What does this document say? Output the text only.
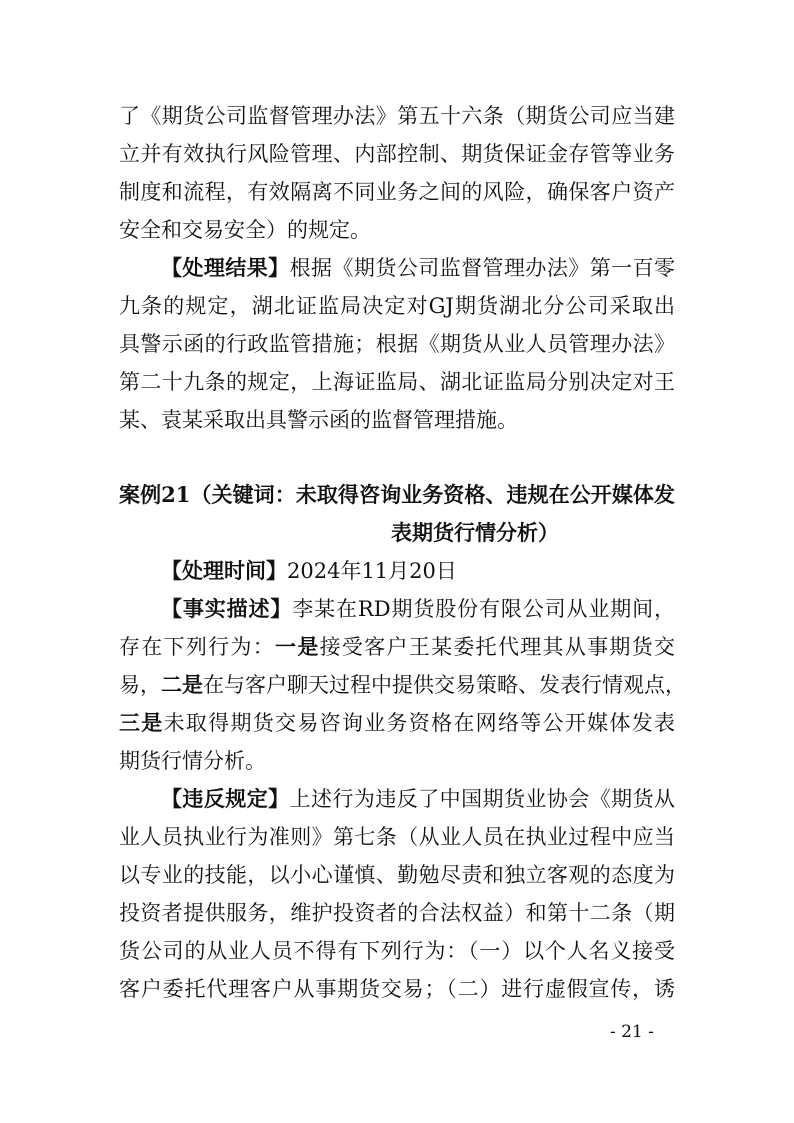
了《期货公司监督管理办法》第五十六条（期货公司应当建
立并有效执行风险管理、内部控制、期货保证金存管等业务
制度和流程，有效隔离不同业务之间的风险，确保客户资产
安全和交易安全）的规定。
【处理结果】根据《期货公司监督管理办法》第一百零
九条的规定，湖北证监局决定对GJ期货湖北分公司采取出
具警示函的行政监管措施；根据《期货从业人员管理办法》
第二十九条的规定，上海证监局、湖北证监局分别决定对王
某、袁某采取出具警示函的监督管理措施。
案例21（关键词：未取得咨询业务资格、违规在公开媒体发
表期货行情分析）
【处理时间】2024年11月20日
【事实描述】李某在RD期货股份有限公司从业期间，
存在下列行为：一是接受客户王某委托代理其从事期货交
易，二是在与客户聊天过程中提供交易策略、发表行情观点，
三是未取得期货交易咨询业务资格在网络等公开媒体发表
期货行情分析。
【违反规定】上述行为违反了中国期货业协会《期货从
业人员执业行为准则》第七条（从业人员在执业过程中应当
以专业的技能，以小心谨慎、勤勉尽责和独立客观的态度为
投资者提供服务，维护投资者的合法权益）和第十二条（期
货公司的从业人员不得有下列行为：（一）以个人名义接受
客户委托代理客户从事期货交易；（二）进行虚假宣传，诱
- 21 -
